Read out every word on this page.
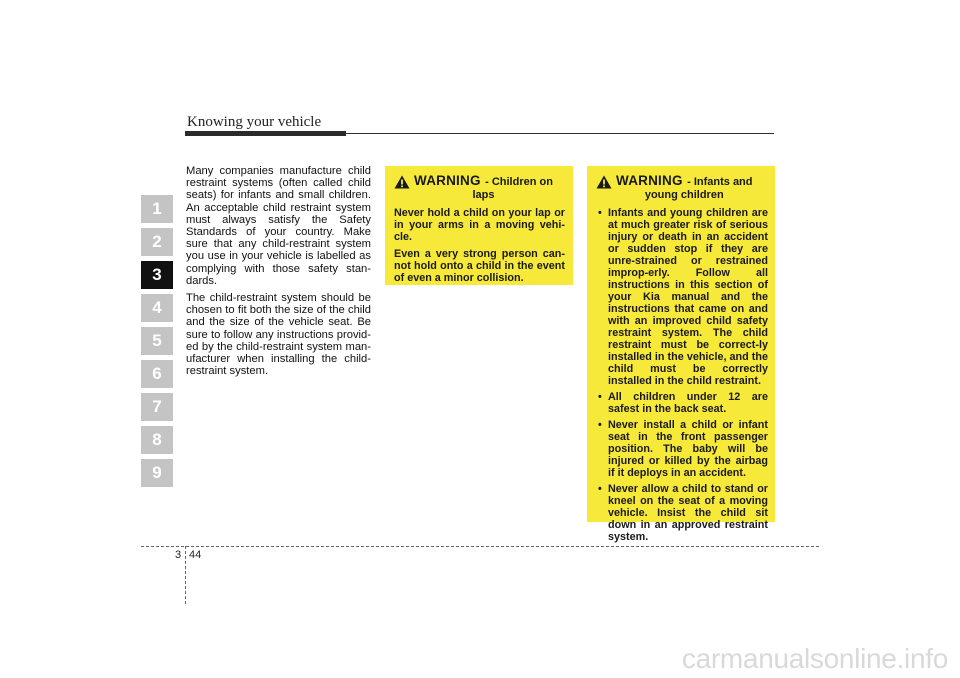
Knowing your vehicle
1
2
3
4
5
6
7
8
9

Many companies manufacture child restraint systems (often called child seats) for infants and small children. An acceptable child restraint system must always satisfy the Safety Standards of your country. Make sure that any child-restraint system you use in your vehicle is labelled as complying with those safety stan-dards.

The child-restraint system should be chosen to fit both the size of the child and the size of the vehicle seat. Be sure to follow any instructions provid-ed by the child-restraint system man-ufacturer when installing the child-restraint system.

WARNING - Children on
laps

Never hold a child on your lap or in your arms in a moving vehi-cle.

Even a very strong person can-not hold onto a child in the event of even a minor collision.

WARNING - Infants and
young children
• Infants and young children are at much greater risk of serious injury or death in an accident or sudden stop if they are unre-strained or restrained improp-erly. Follow all instructions in this section of your Kia manual and the instructions that came on and with an improved child safety restraint system. The child restraint must be correct-ly installed in the vehicle, and the child must be correctly installed in the child restraint.
• All children under 12 are safest in the back seat.
• Never install a child or infant seat in the front passenger position. The baby will be injured or killed by the airbag if it deploys in an accident.
• Never allow a child to stand or kneel on the seat of a moving vehicle. Insist the child sit down in an approved restraint system.
3 44
carmanualsonline.info
